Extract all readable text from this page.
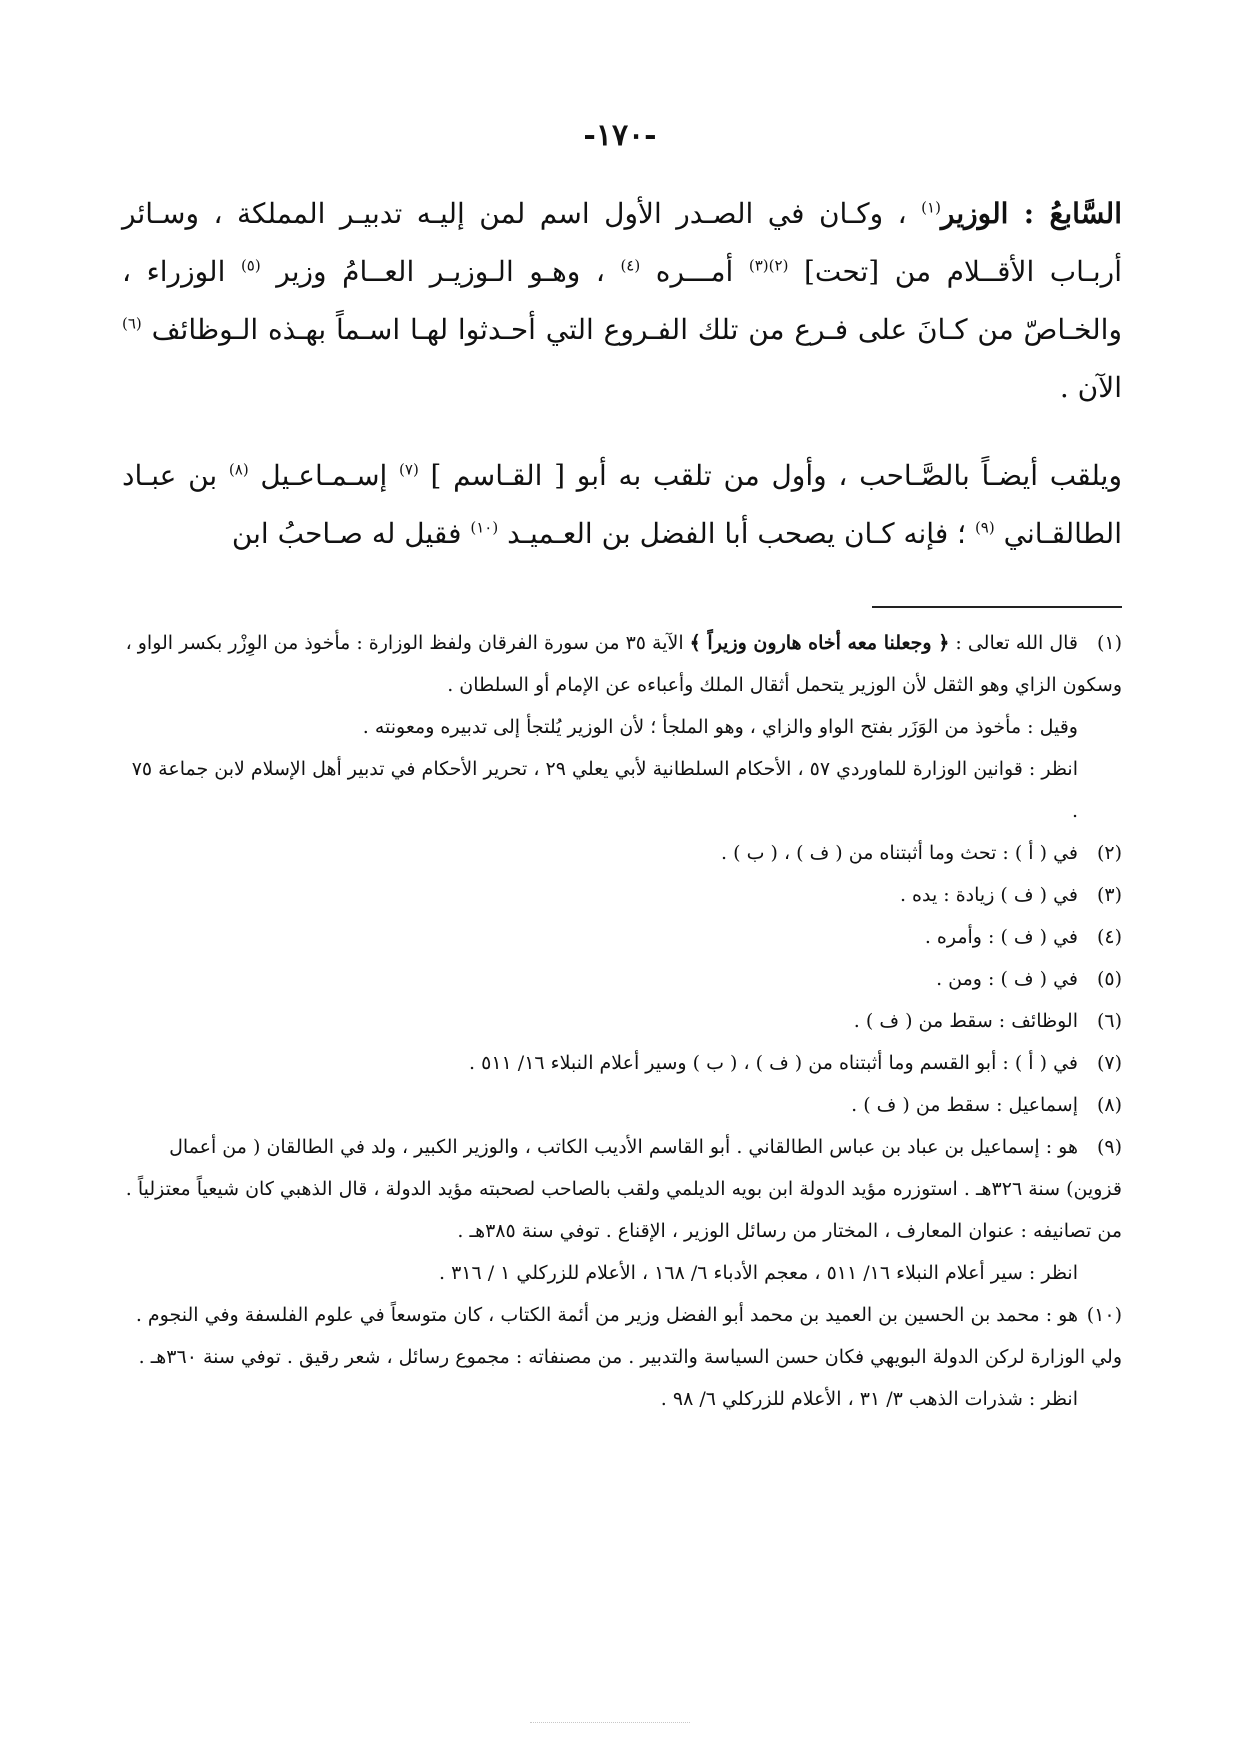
-١٧٠-

السَّابعُ : الوزير$^{(١)}$ ، وكـان في الصـدر الأول اسم لمن إليـه تدبيـر المملكة ، وسـائر أربـاب الأقــلام من [تحت] $^{(٢)(٣)}$ أمـــره $^{(٤)}$ ، وهـو الـوزيـر العــامُ وزير $^{(٥)}$ الوزراء ، والخـاصّ من كـانَ على فـرع من تلك الفـروع التي أحـدثوا لهـا اسـماً بهـذه الـوظائف $^{(٦)}$ الآن .

ويلقب أيضـاً بالصَّـاحب ، وأول من تلقب به أبو [ القـاسم ] $^{(٧)}$ إسـمـاعـيل $^{(٨)}$ بن عبـاد الطالقـاني $^{(٩)}$ ؛ فإنه كـان يصحب أبا الفضل بن العـميـد $^{(١٠)}$ فقيل له صـاحبُ ابن

(١)قال الله تعالى : ﴿ وجعلنا معه أخاه هارون وزيراً ﴾ الآية ٣٥ من سورة الفرقان ولفظ الوزارة : مأخوذ من الوِزْر بكسر الواو ، وسكون الزاي وهو الثقل لأن الوزير يتحمل أثقال الملك وأعباءه عن الإمام أو السلطان .

وقيل : مأخوذ من الوَزَر بفتح الواو والزاي ، وهو الملجأ ؛ لأن الوزير يُلتجأ إلى تدبيره ومعونته .

انظر : قوانين الوزارة للماوردي ٥٧ ، الأحكام السلطانية لأبي يعلي ٢٩ ، تحرير الأحكام في تدبير أهل الإسلام لابن جماعة ٧٥ .

(٢)في ( أ ) : تحث وما أثبتناه من ( ف ) ، ( ب ) .

(٣)في ( ف ) زيادة : يده .

(٤)في ( ف ) : وأمره .

(٥)في ( ف ) : ومن .

(٦)الوظائف : سقط من ( ف ) .

(٧)في ( أ ) : أبو القسم وما أثبتناه من ( ف ) ، ( ب ) وسير أعلام النبلاء ١٦/ ٥١١ .

(٨)إسماعيل : سقط من ( ف ) .

(٩)هو : إسماعيل بن عباد بن عباس الطالقاني . أبو القاسم الأديب الكاتب ، والوزير الكبير ، ولد في الطالقان ( من أعمال قزوين) سنة ٣٢٦هـ . استوزره مؤيد الدولة ابن بويه الديلمي ولقب بالصاحب لصحبته مؤيد الدولة ، قال الذهبي كان شيعياً معتزلياً . من تصانيفه : عنوان المعارف ، المختار من رسائل الوزير ، الإقناع . توفي سنة ٣٨٥هـ .

انظر : سير أعلام النبلاء ١٦/ ٥١١ ، معجم الأدباء ٦/ ١٦٨ ، الأعلام للزركلي ١ / ٣١٦ .

(١٠)هو : محمد بن الحسين بن العميد بن محمد أبو الفضل وزير من أئمة الكتاب ، كان متوسعاً في علوم الفلسفة وفي النجوم . ولي الوزارة لركن الدولة البويهي فكان حسن السياسة والتدبير . من مصنفاته : مجموع رسائل ، شعر رقيق . توفي سنة ٣٦٠هـ .

انظر : شذرات الذهب ٣/ ٣١ ، الأعلام للزركلي ٦/ ٩٨ .
